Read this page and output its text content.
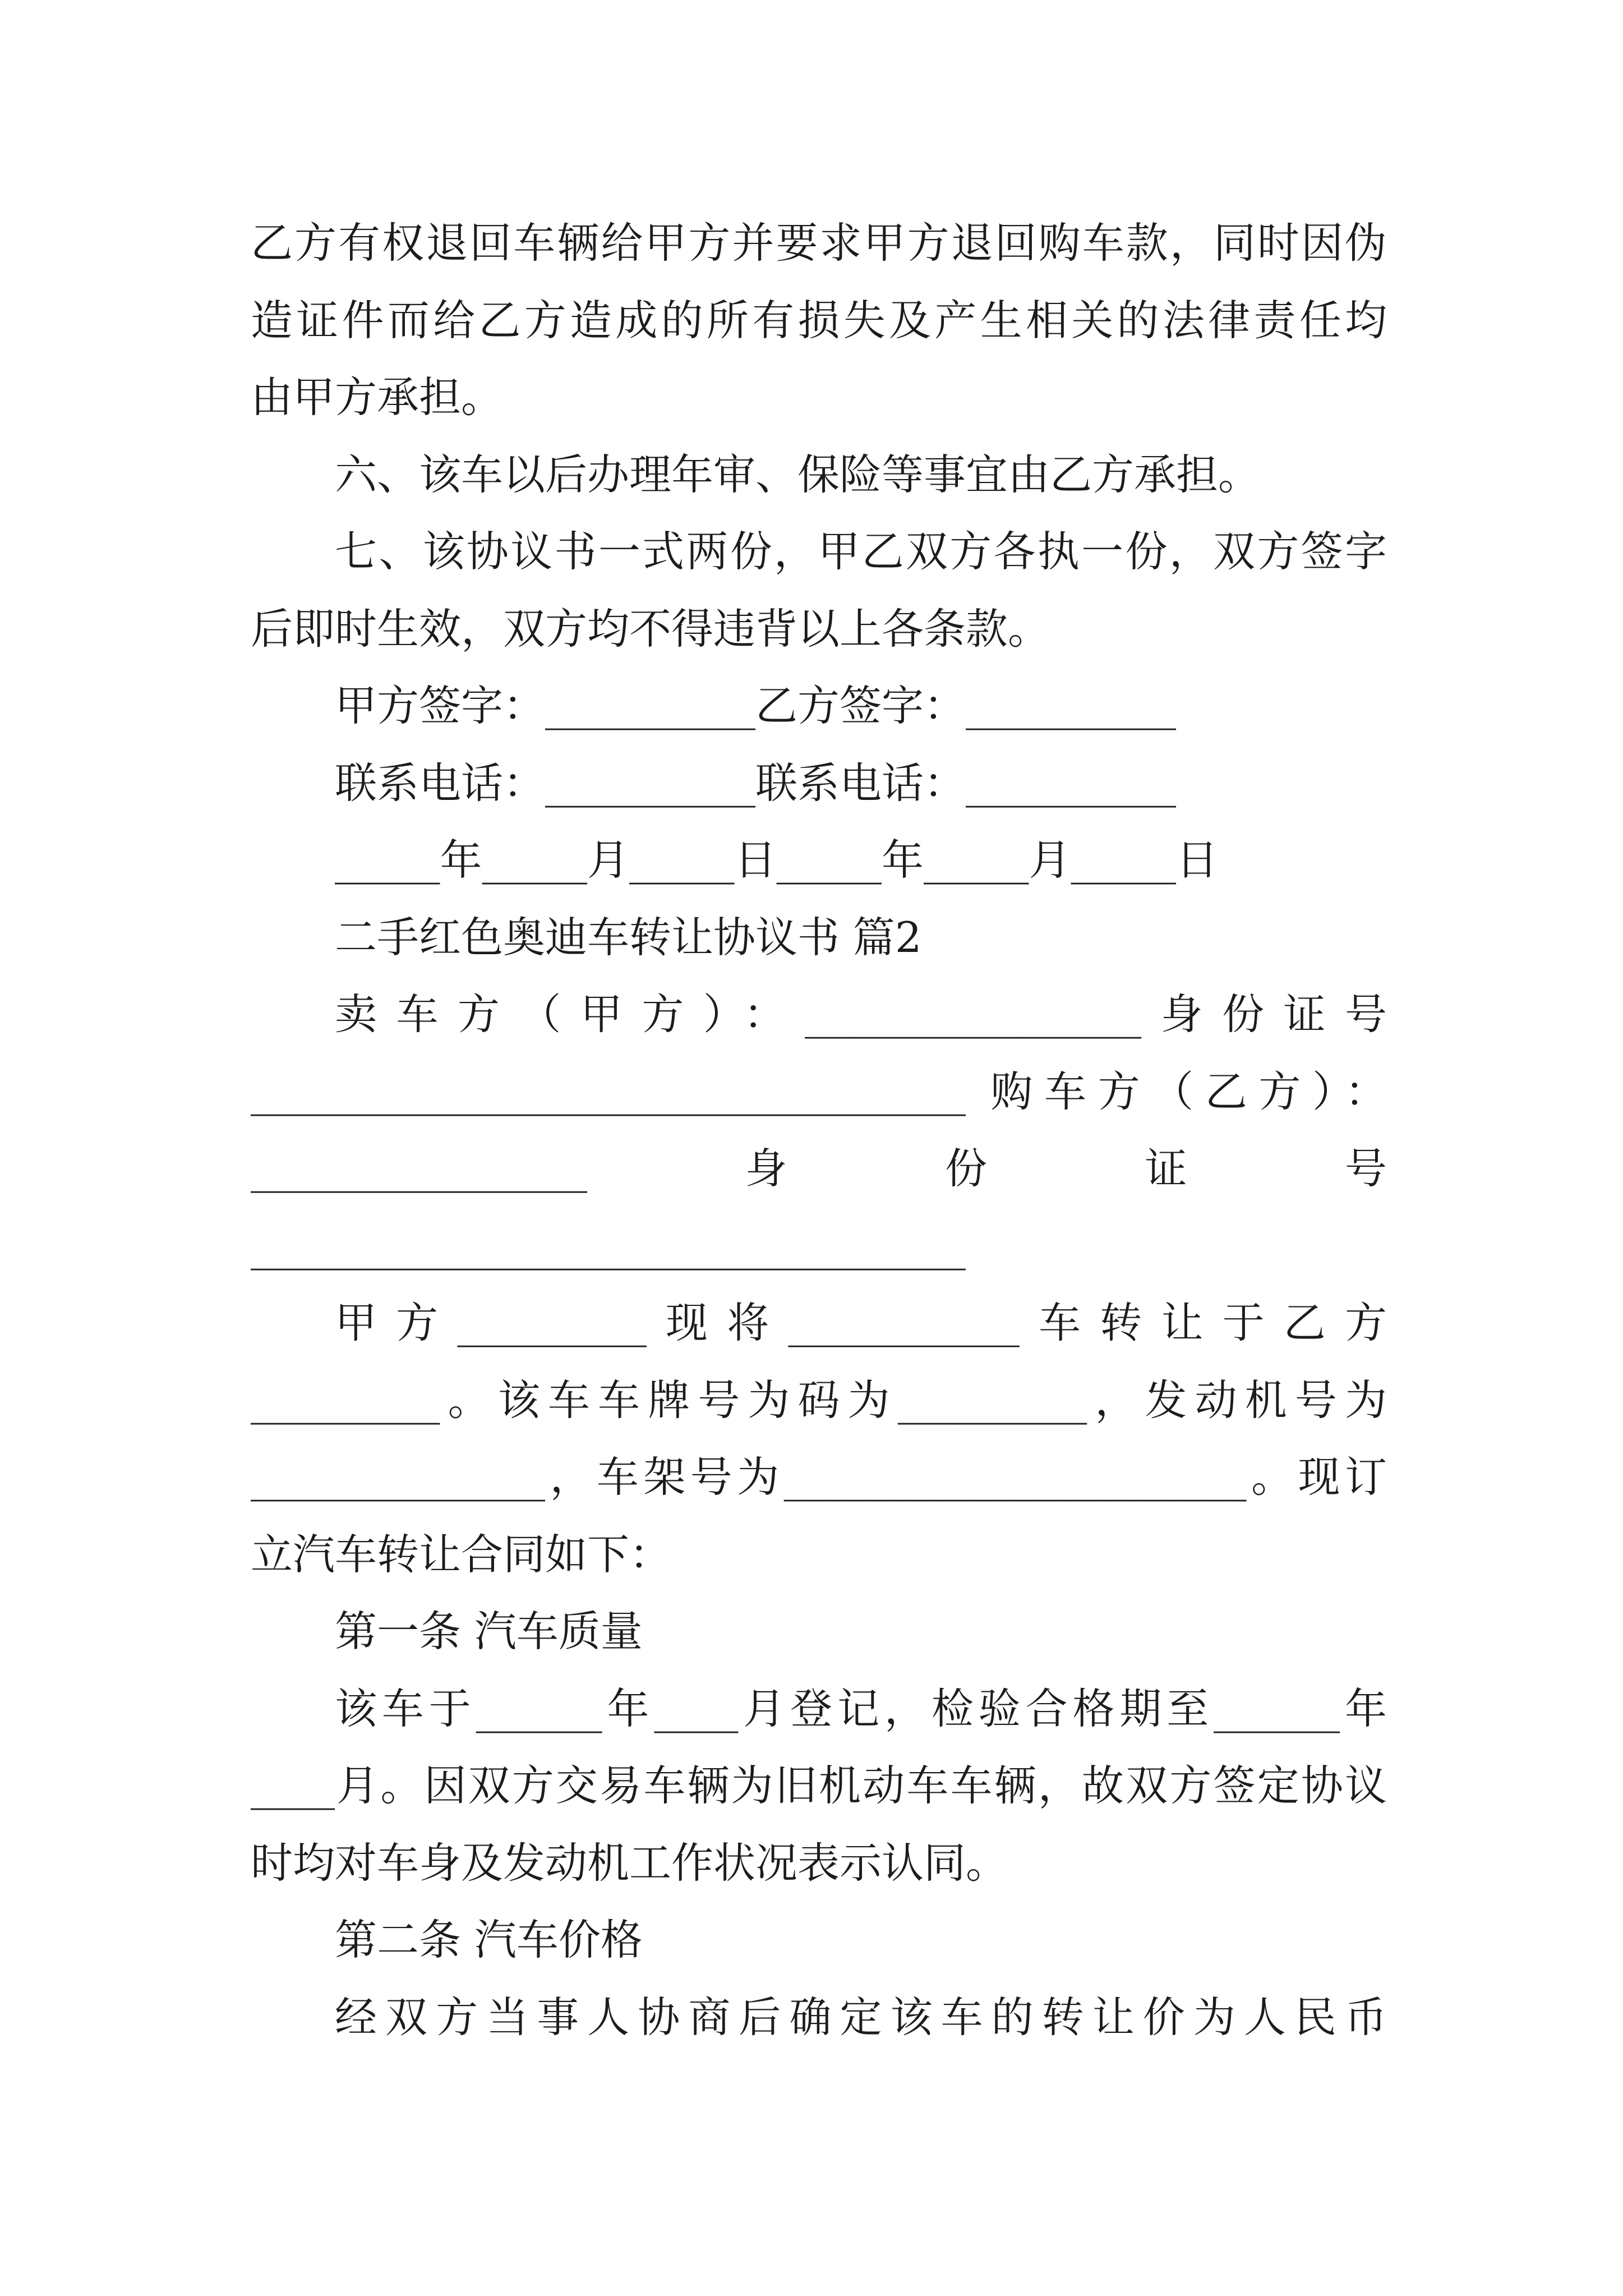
乙方有权退回车辆给甲方并要求甲方退回购车款，同时因伪
造证件而给乙方造成的所有损失及产生相关的法律责任均
由甲方承担。
六、该车以后办理年审、保险等事宜由乙方承担。
七、该协议书一式两份，甲乙双方各执一份，双方签字
后即时生效，双方均不得违背以上各条款。
甲方签字：__________乙方签字：__________
联系电话：__________联系电话：__________
_____年_____月_____日_____年_____月_____日
二手红色奥迪车转让协议书 篇2
卖车方（甲方）：________________身份证号
__________________________________ 购车方（乙方）：
________________身份证号
__________________________________
甲方_________现将___________车转让于乙方
_________。该车车牌号为码为_________，发动机号为
______________，车架号为______________________。现订
立汽车转让合同如下：
第一条 汽车质量
该车于______年____月登记，检验合格期至______年
____月。因双方交易车辆为旧机动车车辆，故双方签定协议
时均对车身及发动机工作状况表示认同。
第二条 汽车价格
经双方当事人协商后确定该车的转让价为人民币
